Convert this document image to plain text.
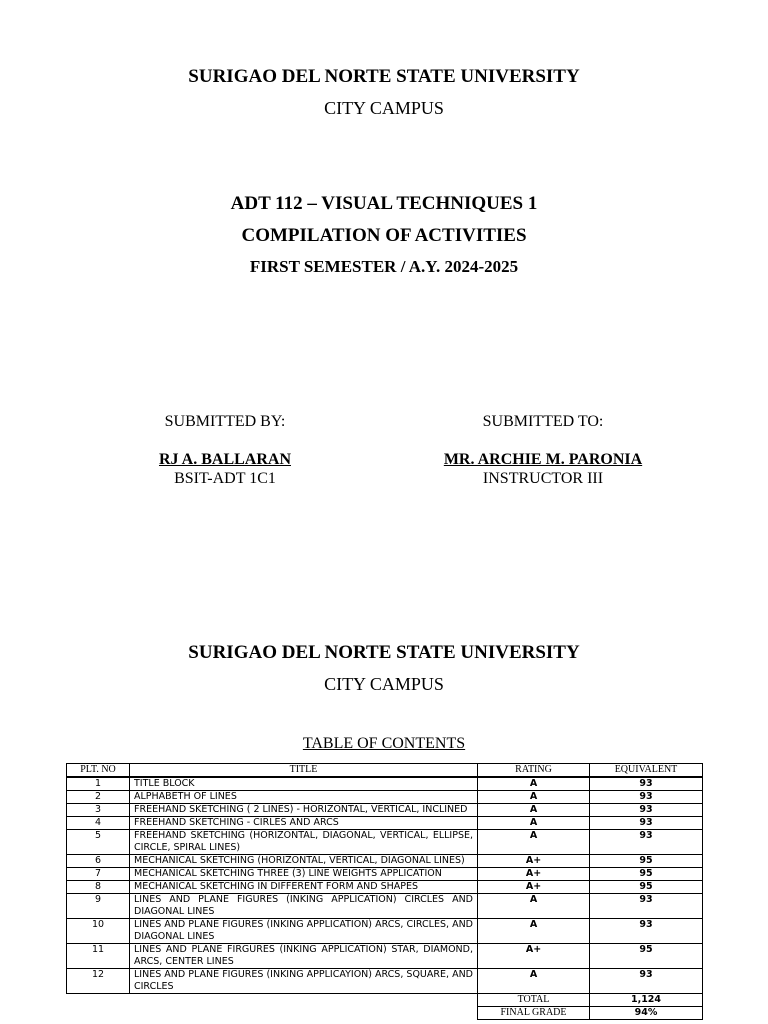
SURIGAO DEL NORTE STATE UNIVERSITY
CITY CAMPUS
ADT 112 – VISUAL TECHNIQUES 1
COMPILATION OF ACTIVITIES
FIRST SEMESTER / A.Y. 2024-2025
SUBMITTED BY:
RJ A. BALLARAN
BSIT-ADT 1C1
SUBMITTED TO:
MR. ARCHIE M. PARONIA
INSTRUCTOR III
SURIGAO DEL NORTE STATE UNIVERSITY
CITY CAMPUS
TABLE OF CONTENTS
PLT. NO	TITLE	RATING	EQUIVALENT
1	TITLE BLOCK	A	93
2	ALPHABETH OF LINES	A	93
3	FREEHAND SKETCHING ( 2 LINES) - HORIZONTAL, VERTICAL, INCLINED	A	93
4	FREEHAND SKETCHING - CIRLES AND ARCS	A	93
5	FREEHAND SKETCHING (HORIZONTAL, DIAGONAL, VERTICAL, ELLIPSE, CIRCLE, SPIRAL LINES)	A	93
6	MECHANICAL SKETCHING (HORIZONTAL, VERTICAL, DIAGONAL LINES)	A+	95
7	MECHANICAL SKETCHING THREE (3) LINE WEIGHTS APPLICATION	A+	95
8	MECHANICAL SKETCHING IN DIFFERENT FORM AND SHAPES	A+	95
9	LINES AND PLANE FIGURES (INKING APPLICATION) CIRCLES AND DIAGONAL LINES	A	93
10	LINES AND PLANE FIGURES (INKING APPLICATION) ARCS, CIRCLES, AND DIAGONAL LINES	A	93
11	LINES AND PLANE FIRGURES (INKING APPLICATION) STAR, DIAMOND, ARCS, CENTER LINES	A+	95
12	LINES AND PLANE FIGURES (INKING APPLICAYION) ARCS, SQUARE, AND CIRCLES	A	93
		TOTAL	1,124
		FINAL GRADE	94%
